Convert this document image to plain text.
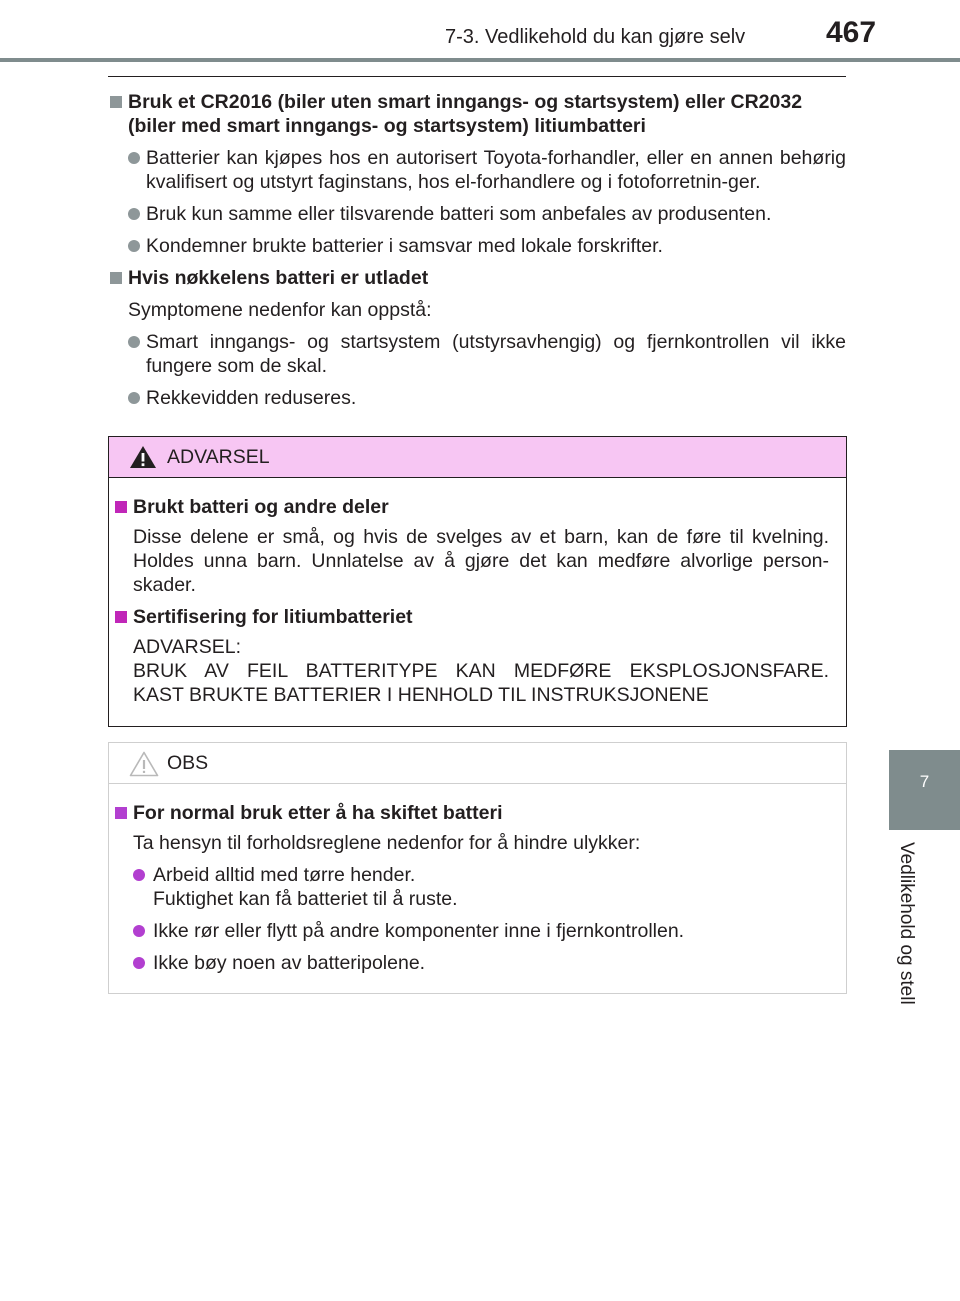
7-3. Vedlikehold du kan gjøre selv	467
7
Vedlikehold og stell
Bruk et CR2016 (biler uten smart inngangs- og startsystem) eller CR2032
(biler med smart inngangs- og startsystem) litiumbatteri
Batterier kan kjøpes hos en autorisert Toyota-forhandler, eller en annen behørig kvalifisert og utstyrt faginstans, hos el-forhandlere og i fotoforretnin-ger.
Bruk kun samme eller tilsvarende batteri som anbefales av produsenten.
Kondemner brukte batterier i samsvar med lokale forskrifter.
Hvis nøkkelens batteri er utladet
Symptomene nedenfor kan oppstå:
Smart inngangs- og startsystem (utstyrsavhengig) og fjernkontrollen vil ikke fungere som de skal.
Rekkevidden reduseres.
ADVARSEL
Brukt batteri og andre deler
Disse delene er små, og hvis de svelges av et barn, kan de føre til kvelning. Holdes unna barn. Unnlatelse av å gjøre det kan medføre alvorlige person-skader.
Sertifisering for litiumbatteriet
ADVARSEL:
BRUK AV FEIL BATTERITYPE KAN MEDFØRE EKSPLOSJONSFARE.
KAST BRUKTE BATTERIER I HENHOLD TIL INSTRUKSJONENE
OBS
For normal bruk etter å ha skiftet batteri
Ta hensyn til forholdsreglene nedenfor for å hindre ulykker:
Arbeid alltid med tørre hender.
Fuktighet kan få batteriet til å ruste.
Ikke rør eller flytt på andre komponenter inne i fjernkontrollen.
Ikke bøy noen av batteripolene.
